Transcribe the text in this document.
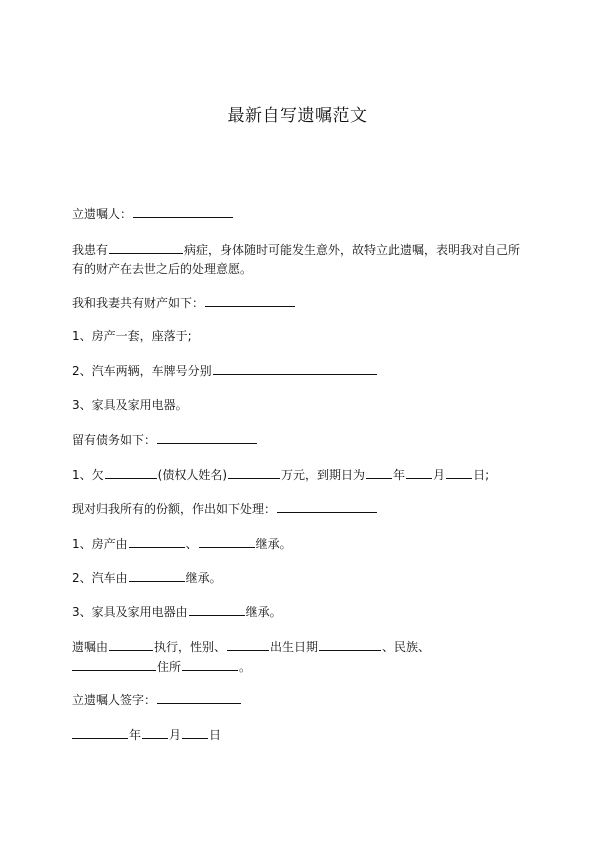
最新自写遗嘱范文
立遗嘱人：
我患有	病症，身体随时可能发生意外，故特立此遗嘱，表明我对自己所
有的财产在去世之后的处理意愿。
我和我妻共有财产如下：
1、房产一套，座落于;
2、汽车两辆，车牌号分别
3、家具及家用电器。
留有债务如下：
1、欠	(债权人姓名)	万元，到期日为 年 月 日;
现对归我所有的份额，作出如下处理：
1、房产由	、	继承。
2、汽车由	继承。
3、家具及家用电器由	继承。
遗嘱由	执行，性别、	出生日期	、民族、
住所	。
立遗嘱人签字：
年 月 日
